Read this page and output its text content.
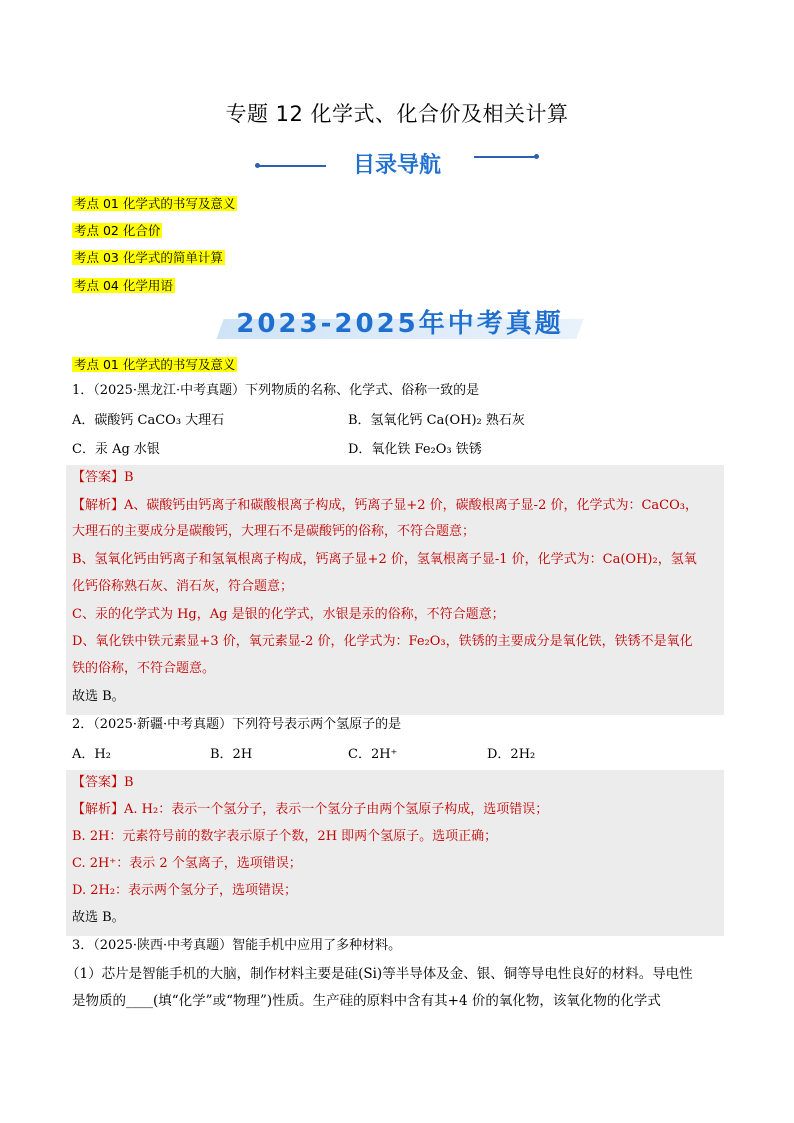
专题 12 化学式、化合价及相关计算
目录导航
考点 01 化学式的书写及意义
考点 02 化合价
考点 03 化学式的简单计算
考点 04 化学用语
2023-2025年中考真题
考点 01 化学式的书写及意义
1．（2025·黑龙江·中考真题）下列物质的名称、化学式、俗称一致的是
A．碳酸钙 CaCO₃ 大理石	B．氢氧化钙 Ca(OH)₂ 熟石灰
C．汞 Ag 水银	D．氧化铁 Fe₂O₃ 铁锈
【答案】B
【解析】A、碳酸钙由钙离子和碳酸根离子构成，钙离子显+2 价，碳酸根离子显-2 价，化学式为：CaCO₃，
大理石的主要成分是碳酸钙，大理石不是碳酸钙的俗称，不符合题意；
B、氢氧化钙由钙离子和氢氧根离子构成，钙离子显+2 价，氢氧根离子显-1 价，化学式为：Ca(OH)₂，氢氧
化钙俗称熟石灰、消石灰，符合题意；
C、汞的化学式为 Hg，Ag 是银的化学式，水银是汞的俗称，不符合题意；
D、氧化铁中铁元素显+3 价，氧元素显-2 价，化学式为：Fe₂O₃，铁锈的主要成分是氧化铁，铁锈不是氧化
铁的俗称，不符合题意。
故选 B。
2．（2025·新疆·中考真题）下列符号表示两个氢原子的是
A．H₂	B．2H	C．2H⁺	D．2H₂
【答案】B
【解析】A. H₂：表示一个氢分子，表示一个氢分子由两个氢原子构成，选项错误；
B. 2H：元素符号前的数字表示原子个数，2H 即两个氢原子。选项正确；
C. 2H⁺：表示 2 个氢离子，选项错误；
D. 2H₂：表示两个氢分子，选项错误；
故选 B。
3．（2025·陕西·中考真题）智能手机中应用了多种材料。
（1）芯片是智能手机的大脑，制作材料主要是硅(Si)等半导体及金、银、铜等导电性良好的材料。导电性
是物质的____(填“化学”或“物理”)性质。生产硅的原料中含有其+4 价的氧化物，该氧化物的化学式
